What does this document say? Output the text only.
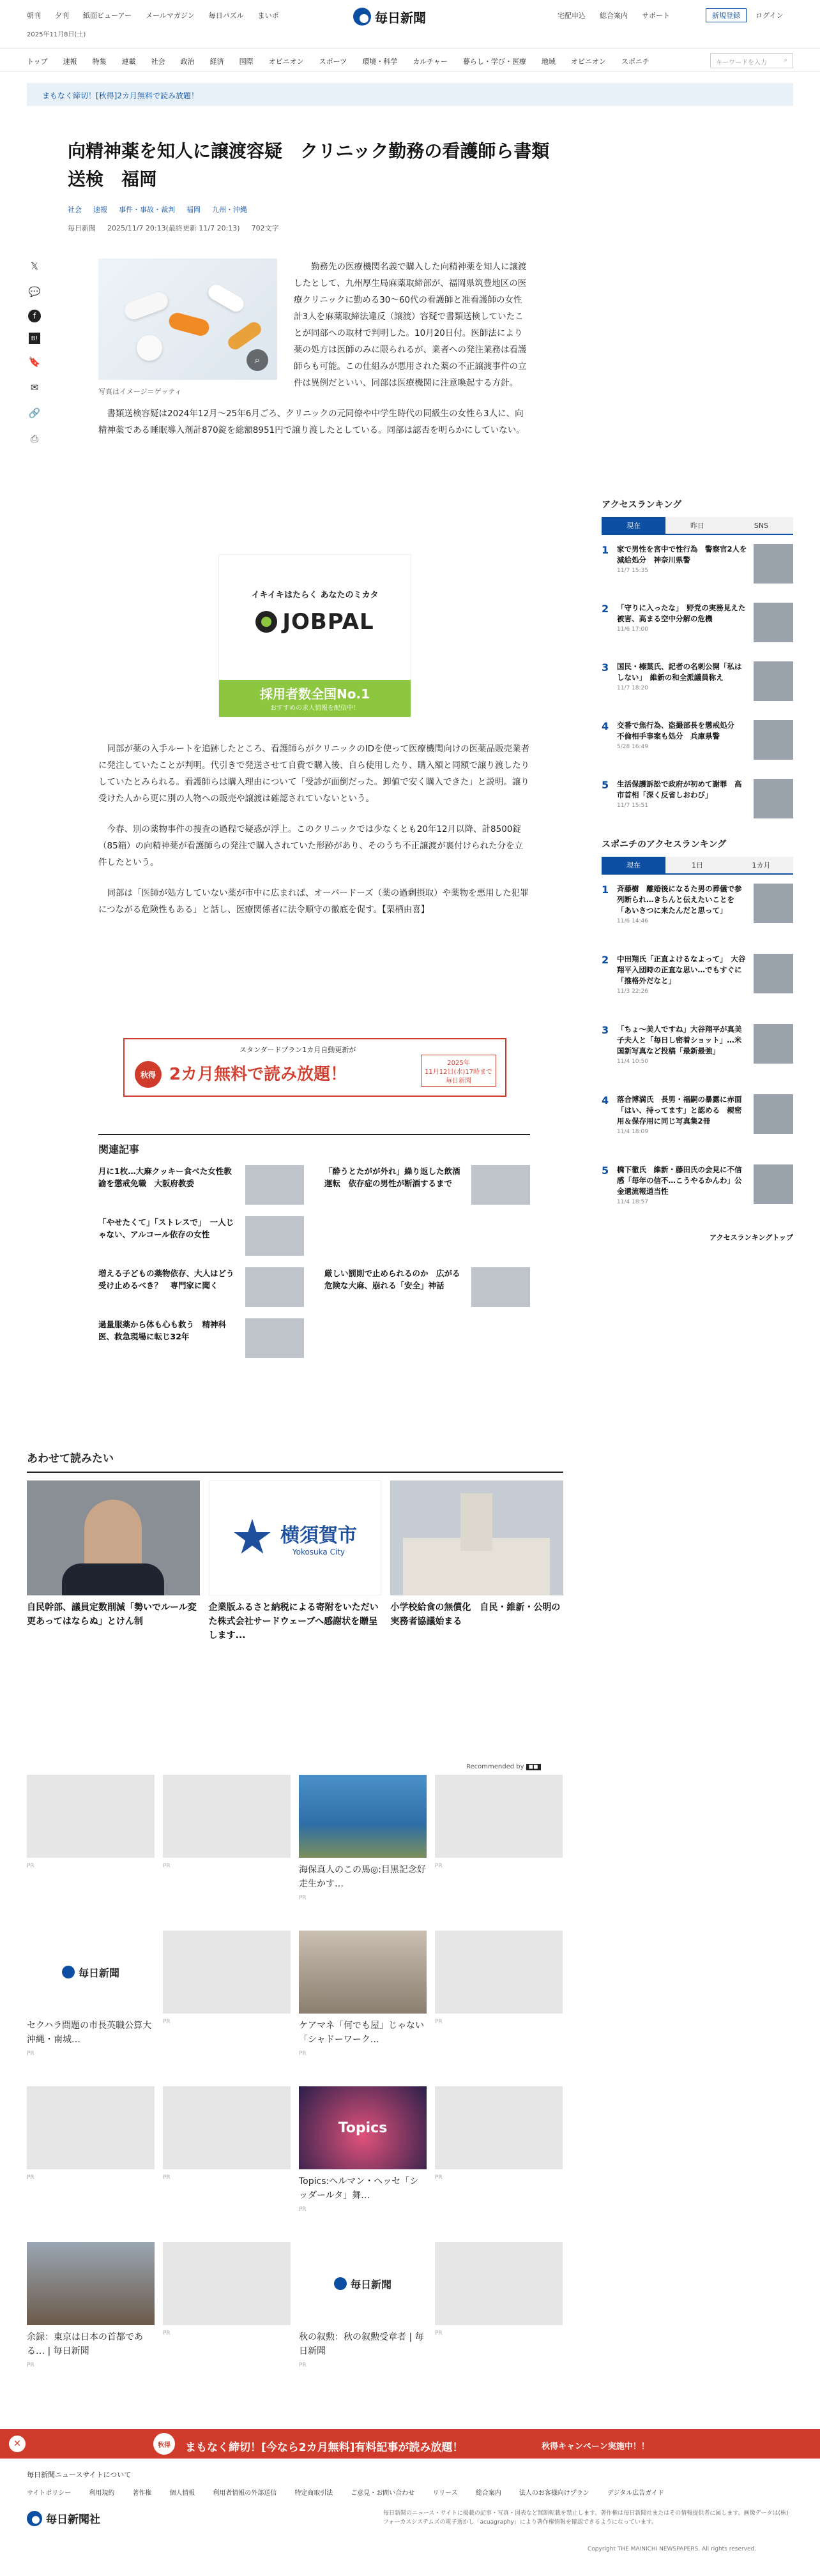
朝刊 夕刊 紙面ビューアー メールマガジン 毎日パズル まいポ
2025年11月8日(土)
毎日新聞	宅配申込 総合案内 サポート	新規登録	ログイン
トップ 速報 特集 連載 社会 政治 経済 国際 オピニオン スポーツ 環境・科学 カルチャー 暮らし・学び・医療 地域 オピニオン スポニチ	キーワードを入力	⌕
まもなく締切！[秋得]2カ月無料で読み放題！
向精神薬を知人に譲渡容疑　クリニック勤務の看護師ら書類送検　福岡
社会 速報 事件・事故・裁判 福岡 九州・沖縄
毎日新聞 2025/11/7 20:13(最終更新 11/7 20:13) 702文字
𝕏
💬
f
B!
🔖
✉
🔗
⎙
⌕

勤務先の医療機関名義で購入した向精神薬を知人に譲渡したとして、九州厚生局麻薬取締部が、福岡県筑豊地区の医療クリニックに勤める30～60代の看護師と准看護師の女性計3人を麻薬取締法違反（譲渡）容疑で書類送検していたことが同部への取材で判明した。10月20日付。医師法により薬の処方は医師のみに限られるが、業者への発注業務は看護師らも可能。この仕組みが悪用された薬の不正譲渡事件の立件は異例だといい、同部は医療機関に注意喚起する方針。

写真はイメージ＝ゲッティ

書類送検容疑は2024年12月～25年6月ごろ、クリニックの元同僚や中学生時代の同級生の女性ら3人に、向精神薬である睡眠導入剤計870錠を総額8951円で譲り渡したとしている。同部は認否を明らかにしていない。

イキイキはたらく あなたのミカタ
JOBPAL
採用者数全国No.1
おすすめの求人情報を配信中！

同部が薬の入手ルートを追跡したところ、看護師らがクリニックのIDを使って医療機関向けの医薬品販売業者に発注していたことが判明。代引きで発送させて自費で購入後、自ら使用したり、購入額と同額で譲り渡したりしていたとみられる。看護師らは購入理由について「受診が面倒だった。卸値で安く購入できた」と説明。譲り受けた人から更に別の人物への販売や譲渡は確認されていないという。

今春、別の薬物事件の捜査の過程で疑惑が浮上。このクリニックでは少なくとも20年12月以降、計8500錠（85箱）の向精神薬が看護師らの発注で購入されていた形跡があり、そのうち不正譲渡が裏付けられた分を立件したという。

同部は「医師が処方していない薬が市中に広まれば、オーバードーズ（薬の過剰摂取）や薬物を悪用した犯罪につながる危険性もある」と話し、医療関係者に法令順守の徹底を促す。【栗栖由喜】

スタンダードプラン1カ月自動更新が
秋得 2カ月無料で読み放題！
2025年
11月12日(水)17時まで
毎日新聞
関連記事
月に1枚…大麻クッキー食べた女性教諭を懲戒免職　大阪府教委
「酔うとたがが外れ」繰り返した飲酒運転　依存症の男性が断酒するまで
「やせたくて」「ストレスで」　一人じゃない、アルコール依存の女性
増える子どもの薬物依存、大人はどう受け止めるべき？　専門家に聞く
厳しい罰則で止められるのか　広がる危険な大麻、崩れる「安全」神話
過量服薬から体も心も救う　精神科医、救急現場に転じ32年
アクセスランキング
現在	昨日	SNS
1 家で男性を宮中で性行為　警察官2人を減給処分　神奈川県警
11/7 15:35
2 「守りに入ったな」　野党の実務見えた被害、高まる空中分解の危機
11/6 17:00
3 国民・榛葉氏、記者の名刺公開「私はしない」　維新の和全派議員称え
11/7 18:20
4 交番で焦行為、盗撮部長を懲戒処分　不倫相手事案も処分　兵庫県警
5/28 16:49
5 生活保護訴訟で政府が初めて謝罪　高市首相「深く反省しおわび」
11/7 15:51
スポニチのアクセスランキング
現在	1日	1カ月
1 斉藤樹　離婚後になるた男の葬儀で参列断られ…きちんと伝えたいことを「あいさつに来たんだと思って」
11/6 14:46
2 中田翔氏「正直よけるなよって」　大谷翔平入団時の正直な思い…でもすぐに「推格外だなと」
11/3 22:26
3 「ちょ～美人ですね」大谷翔平が真美子夫人と「毎日し密着ショット」…米国新写真など投稿「最新最強」
11/4 10:50
4 落合博満氏　長男・福嗣の暴露に赤面「はい、持ってます」と認める　親密用＆保存用に同じ写真集2冊
11/4 18:09
5 橋下徹氏　維新・藤田氏の会見に不信感「毎年の信不…こうやるかんわ」公金還流報道当性
11/4 18:57
アクセスランキングトップ
あわせて読みたい
自民幹部、議員定数削減「勢いでルール変更あってはならぬ」とけん制
横須賀市
Yokosuka City
企業版ふるさと納税による寄附をいただいた株式会社サードウェーブへ感謝状を贈呈します...
小学校給食の無償化　自民・維新・公明の実務者協議始まる
Recommended by ◼◼
PR	PR	海保真人のこの馬◎:目黒記念好走生かす…
PR
PR
毎日新聞
セクハラ問題の市長英職公算大　沖縄・南城…
PR
PR	ケアマネ「何でも屋」じゃない　「シャドーワーク…
PR
PR
PR	PR
Topics
Topics:ヘルマン・ヘッセ「シッダールタ」舞…
PR
PR
余録：東京は日本の首都である… | 毎日新聞
PR
PR
毎日新聞
秋の叙勲：秋の叙勲受章者 | 毎日新聞
PR
PR
✕	秋得	まもなく締切！[今なら2カ月無料]有料記事が読み放題！	秋得キャンペーン実施中！！
毎日新聞ニュースサイトについて
サイトポリシー	利用規約	著作権	個人情報	利用者情報の外部送信	特定商取引法	ご意見・お問い合わせ	リリース	総合案内	法人のお客様向けプラン	デジタル広告ガイド
毎日新聞社	毎日新聞のニュース・サイトに掲載の記事・写真・図表など無断転載を禁止します。著作権は毎日新聞社またはその情報提供者に属します。画像データは(株)フォーカスシステムズの電子透かし「acuagraphy」により著作権情報を確認できるようになっています。
Copyright THE MAINICHI NEWSPAPERS. All rights reserved.
